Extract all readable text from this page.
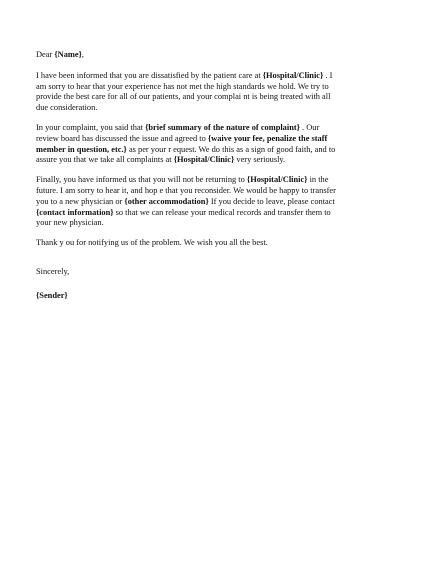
Dear {Name},
I have been informed that you are dissatisfied by the patient care at {Hospital/Clinic} . I
am sorry to hear that your experience has not met the high standards we hold. We try to
provide the best care for all of our patients, and your complai nt is being treated with all
due consideration.
In your complaint, you said that {brief summary of the nature of complaint} . Our
review board has discussed the issue and agreed to {waive your fee, penalize the staff
member in question, etc.} as per your r equest. We do this as a sign of good faith, and to
assure you that we take all complaints at {Hospital/Clinic} very seriously.
Finally, you have informed us that you will not be returning to {Hospital/Clinic} in the
future. I am sorry to hear it, and hop e that you reconsider. We would be happy to transfer
you to a new physician or {other accommodation} If you decide to leave, please contact
{contact information} so that we can release your medical records and transfer them to
your new physician.
Thank y ou for notifying us of the problem. We wish you all the best.
Sincerely,
{Sender}
